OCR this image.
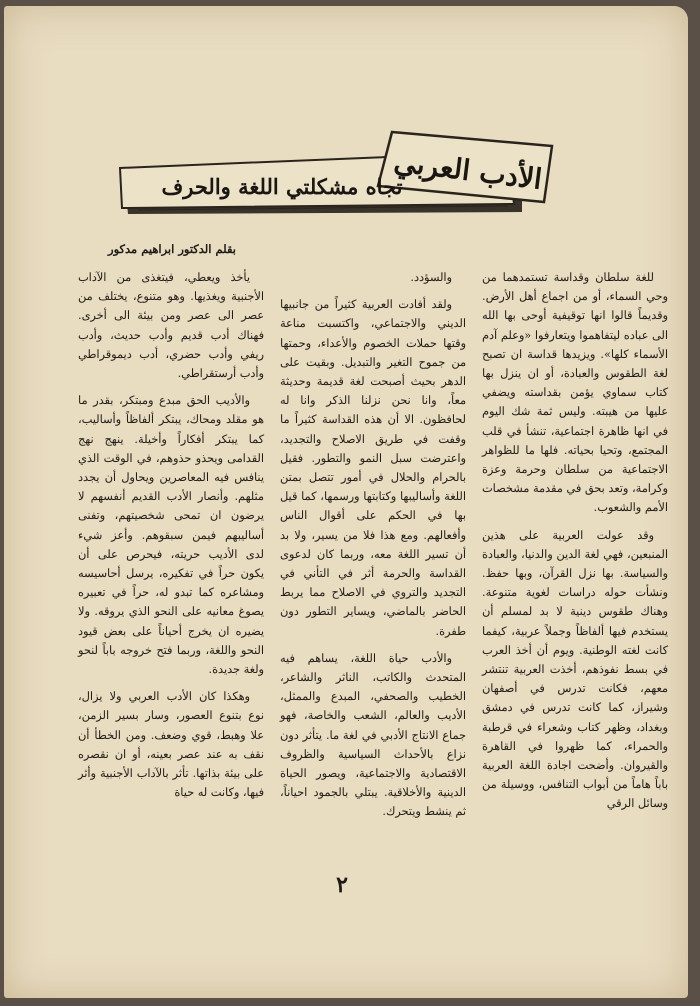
الأدب العربي
تجاه مشكلتي اللغة والحرف
بقلم الدكتور ابراهيم مدكور

للغة سلطان وقداسة تستمدهما من وحي السماء، أو من اجماع أهل الأرض. وقديماً قالوا انها توقيفية أوحى بها الله الى عباده ليتفاهموا ويتعارفوا «وعلم آدم الأسماء كلها». ويزيدها قداسة ان تصبح لغة الطقوس والعبادة، أو ان ينزل بها كتاب سماوي يؤمن بقداسته ويضفي عليها من هيبته. وليس ثمة شك اليوم في انها ظاهرة اجتماعية، تنشأ في قلب المجتمع، وتحيا بحياته. فلها ما للظواهر الاجتماعية من سلطان وحرمة وعزة وكرامة، وتعد بحق في مقدمة مشخصات الأمم والشعوب.

وقد عولت العربية على هذين المنبعين، فهي لغة الدين والدنيا، والعبادة والسياسة. بها نزل القرآن، وبها حفظ. ونشأت حوله دراسات لغوية متنوعة. وهناك طقوس دينية لا بد لمسلم أن يستخدم فيها ألفاظاً وجملاً عربية، كيفما كانت لغته الوطنية. ويوم أن أخذ العرب في بسط نفوذهم، أخذت العربية تنتشر معهم، فكانت تدرس في أصفهان وشيراز، كما كانت تدرس في دمشق وبغداد، وظهر كتاب وشعراء في قرطبة والحمراء، كما ظهروا في القاهرة والقيروان. وأضحت اجادة اللغة العربية باباً هاماً من أبواب التنافس، ووسيلة من وسائل الرقي

والسؤدد.

ولقد أفادت العربية كثيراً من جانبيها الديني والاجتماعي، واكتسبت مناعة وقتها حملات الخصوم والأعداء، وحمتها من جموح التغير والتبديل. وبقيت على الدهر بحيث أصبحت لغة قديمة وحديثة معاً، وانا نحن نزلنا الذكر وانا له لحافظون. الا أن هذه القداسة كثيراً ما وقفت في طريق الاصلاح والتجديد، واعترضت سبل النمو والتطور. فقيل بالحرام والحلال في أمور تتصل بمتن اللغة وأساليبها وكتابتها ورسمها، كما قيل بها في الحكم على أقوال الناس وأفعالهم. ومع هذا فلا من يسير، ولا بد أن تسير اللغة معه، وربما كان لدعوى القداسة والحرمة أثر في التأني في التجديد والتروي في الاصلاح مما يربط الحاضر بالماضي، ويساير التطور دون طفرة.

والأدب حياة اللغة، يساهم فيه المتحدث والكاتب، الناثر والشاعر، الخطيب والصحفي، المبدع والممثل، الأديب والعالم، الشعب والخاصة، فهو جماع الانتاج الأدبي في لغة ما. يتأثر دون نزاع بالأحداث السياسية والظروف الاقتصادية والاجتماعية، ويصور الحياة الدينية والأخلاقية. يبتلي بالجمود احياناً، ثم ينشط ويتحرك.

يأخذ ويعطي، فيتغذى من الآداب الأجنبية ويغذيها. وهو متنوع، يختلف من عصر الى عصر ومن بيئة الى أخرى. فهناك أدب قديم وأدب حديث، وأدب ريفي وأدب حضري، أدب ديموقراطي وأدب أرستقراطي.

والأديب الحق مبدع ومبتكر، بقدر ما هو مقلد ومحاك، يبتكر ألفاظاً وأساليب، كما يبتكر أفكاراً وأخيلة. ينهج نهج القدامى ويحذو حذوهم، في الوقت الذي ينافس فيه المعاصرين ويحاول أن يجدد مثلهم. وأنصار الأدب القديم أنفسهم لا يرضون ان تمحى شخصيتهم، وتفنى أساليبهم فيمن سبقوهم. وأعز شيء لدى الأديب حريته، فيحرص على أن يكون حراً في تفكيره، يرسل أحاسيسه ومشاعره كما تبدو له، حراً في تعبيره يصوغ معانيه على النحو الذي يروقه. ولا يضيره ان يخرج أحياناً على بعض قيود النحو واللغة، وربما فتح خروجه باباً لنحو ولغة جديدة.

وهكذا كان الأدب العربي ولا يزال، نوع بتنوع العصور، وسار بسير الزمن، علا وهبط، قوي وضعف. ومن الخطأ أن نقف به عند عصر بعينه، أو ان نقصره على بيئة بذاتها. تأثر بالآداب الأجنبية وأثر فيها، وكانت له حياة

٢
